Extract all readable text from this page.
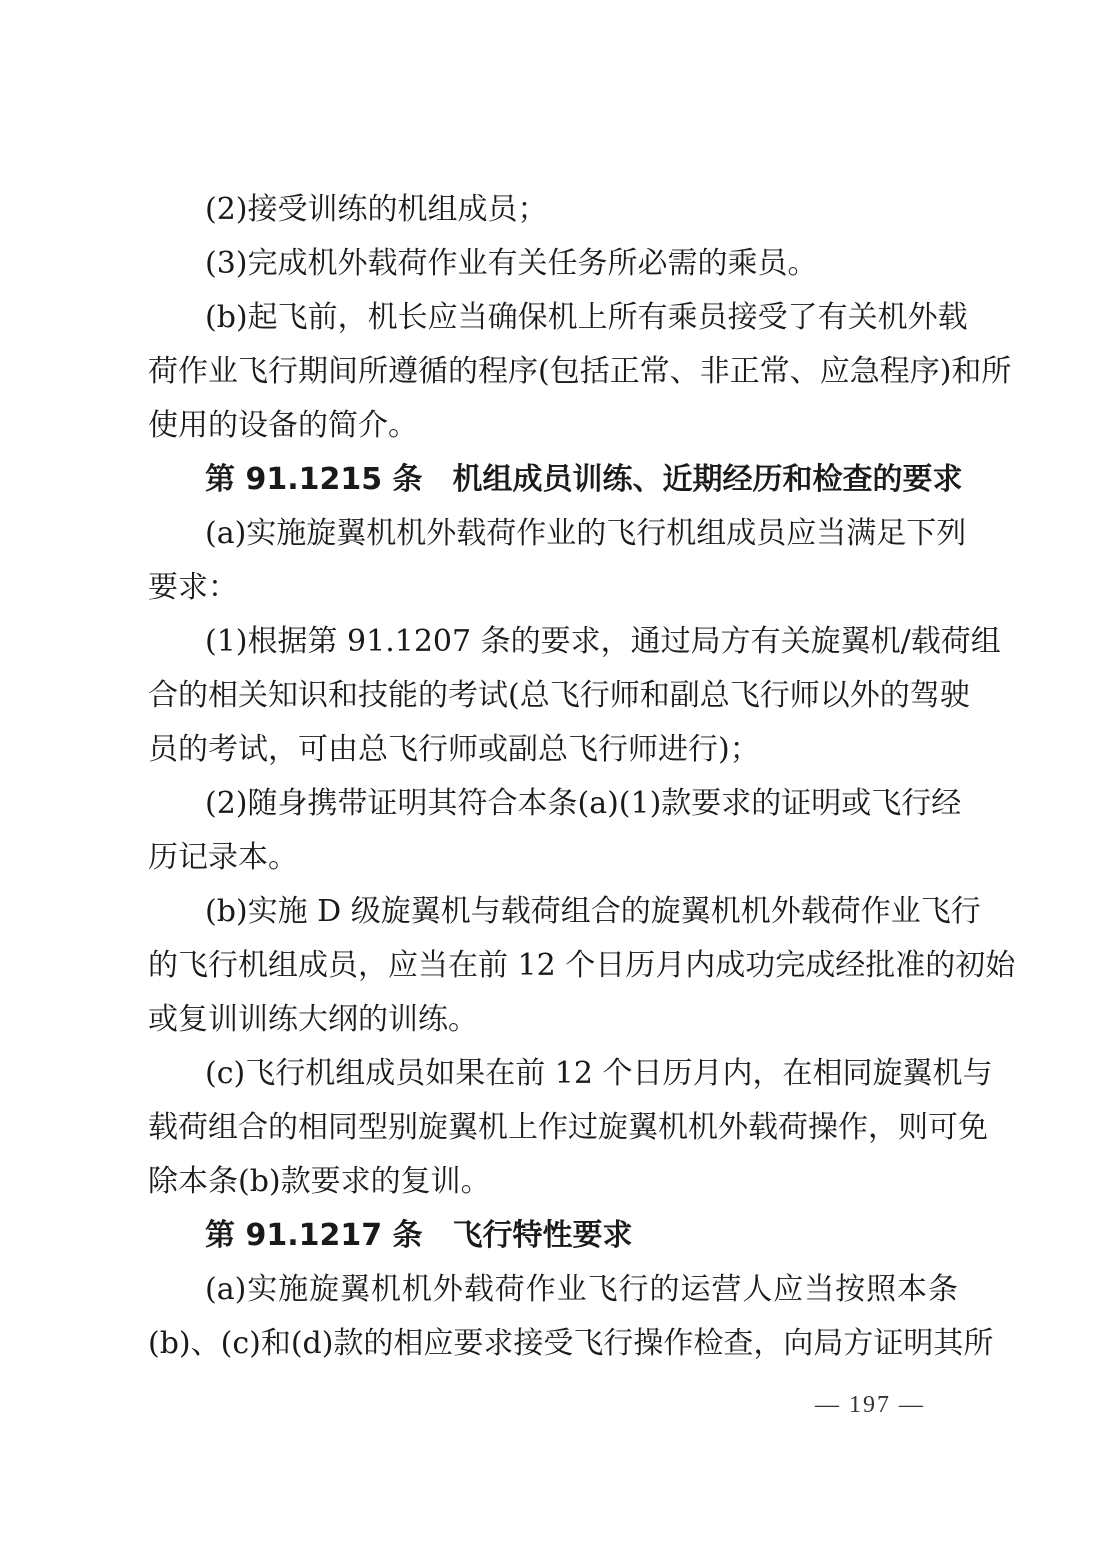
(2)接受训练的机组成员；
(3)完成机外载荷作业有关任务所必需的乘员。
(b)起飞前，机长应当确保机上所有乘员接受了有关机外载
荷作业飞行期间所遵循的程序(包括正常、非正常、应急程序)和所
使用的设备的简介。
第 91.1215 条 机组成员训练、近期经历和检查的要求
(a)实施旋翼机机外载荷作业的飞行机组成员应当满足下列
要求：
(1)根据第 91.1207 条的要求，通过局方有关旋翼机/载荷组
合的相关知识和技能的考试(总飞行师和副总飞行师以外的驾驶
员的考试，可由总飞行师或副总飞行师进行)；
(2)随身携带证明其符合本条(a)(1)款要求的证明或飞行经
历记录本。
(b)实施 D 级旋翼机与载荷组合的旋翼机机外载荷作业飞行
的飞行机组成员，应当在前 12 个日历月内成功完成经批准的初始
或复训训练大纲的训练。
(c)飞行机组成员如果在前 12 个日历月内，在相同旋翼机与
载荷组合的相同型别旋翼机上作过旋翼机机外载荷操作，则可免
除本条(b)款要求的复训。
第 91.1217 条 飞行特性要求
(a)实施旋翼机机外载荷作业飞行的运营人应当按照本条
(b)、(c)和(d)款的相应要求接受飞行操作检查，向局方证明其所
— 197 —
